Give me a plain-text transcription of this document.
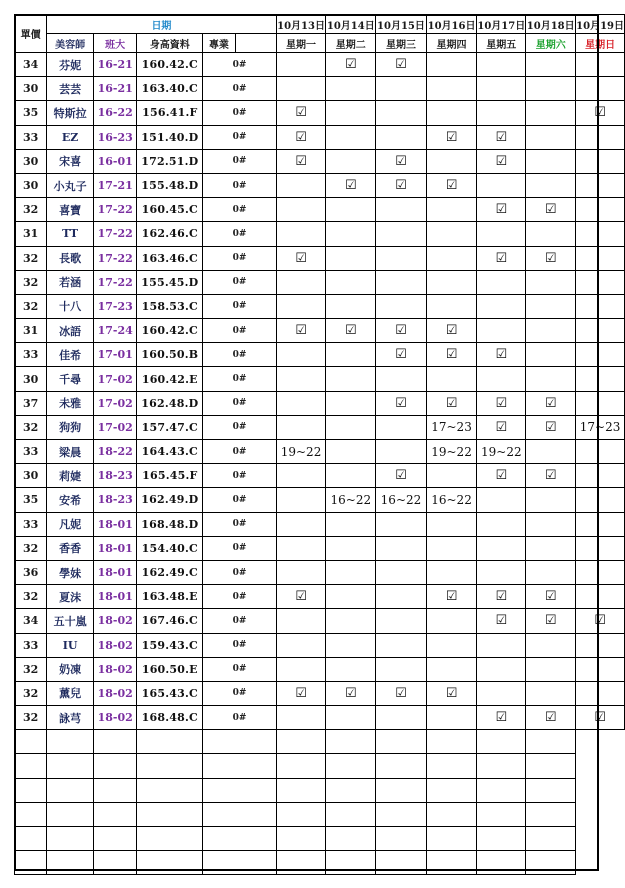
單價	日期					10月13日	10月14日	10月15日	10月16日	10月17日	10月18日	10月19日
	美容師	班大	身高資料	專業		星期一	星期二	星期三	星期四	星期五	星期六	星期日
34	芬妮	16-21	160.42.C	0#			☑	☑				
30	芸芸	16-21	163.40.C	0#								
35	特斯拉	16-22	156.41.F	0#		☑						☑
33	EZ	16-23	151.40.D	0#		☑			☑	☑		
30	宋喜	16-01	172.51.D	0#		☑		☑		☑		
30	小丸子	17-21	155.48.D	0#			☑	☑	☑			
32	喜寶	17-22	160.45.C	0#						☑	☑	
31	TT	17-22	162.46.C	0#								
32	長歌	17-22	163.46.C	0#		☑				☑	☑	
32	若涵	17-22	155.45.D	0#								
32	十八	17-23	158.53.C	0#								
31	冰語	17-24	160.42.C	0#		☑	☑	☑	☑			
33	佳希	17-01	160.50.B	0#				☑	☑	☑		
30	千尋	17-02	160.42.E	0#								
37	未雅	17-02	162.48.D	0#				☑	☑	☑	☑	
32	狗狗	17-02	157.47.C	0#					17~23	☑	☑	17~23
33	梁晨	18-22	164.43.C	0#		19~22			19~22	19~22		
30	莉婕	18-23	165.45.F	0#				☑		☑	☑	
35	安希	18-23	162.49.D	0#			16~22	16~22	16~22			
33	凡妮	18-01	168.48.D	0#								
32	香香	18-01	154.40.C	0#								
36	學妹	18-01	162.49.C	0#								
32	夏沫	18-01	163.48.E	0#		☑			☑	☑	☑	
34	五十嵐	18-02	167.46.C	0#						☑	☑	☑
33	IU	18-02	159.43.C	0#								
32	奶凍	18-02	160.50.E	0#								
32	薰兒	18-02	165.43.C	0#		☑	☑	☑	☑			
32	詠芎	18-02	168.48.C	0#						☑	☑	☑
